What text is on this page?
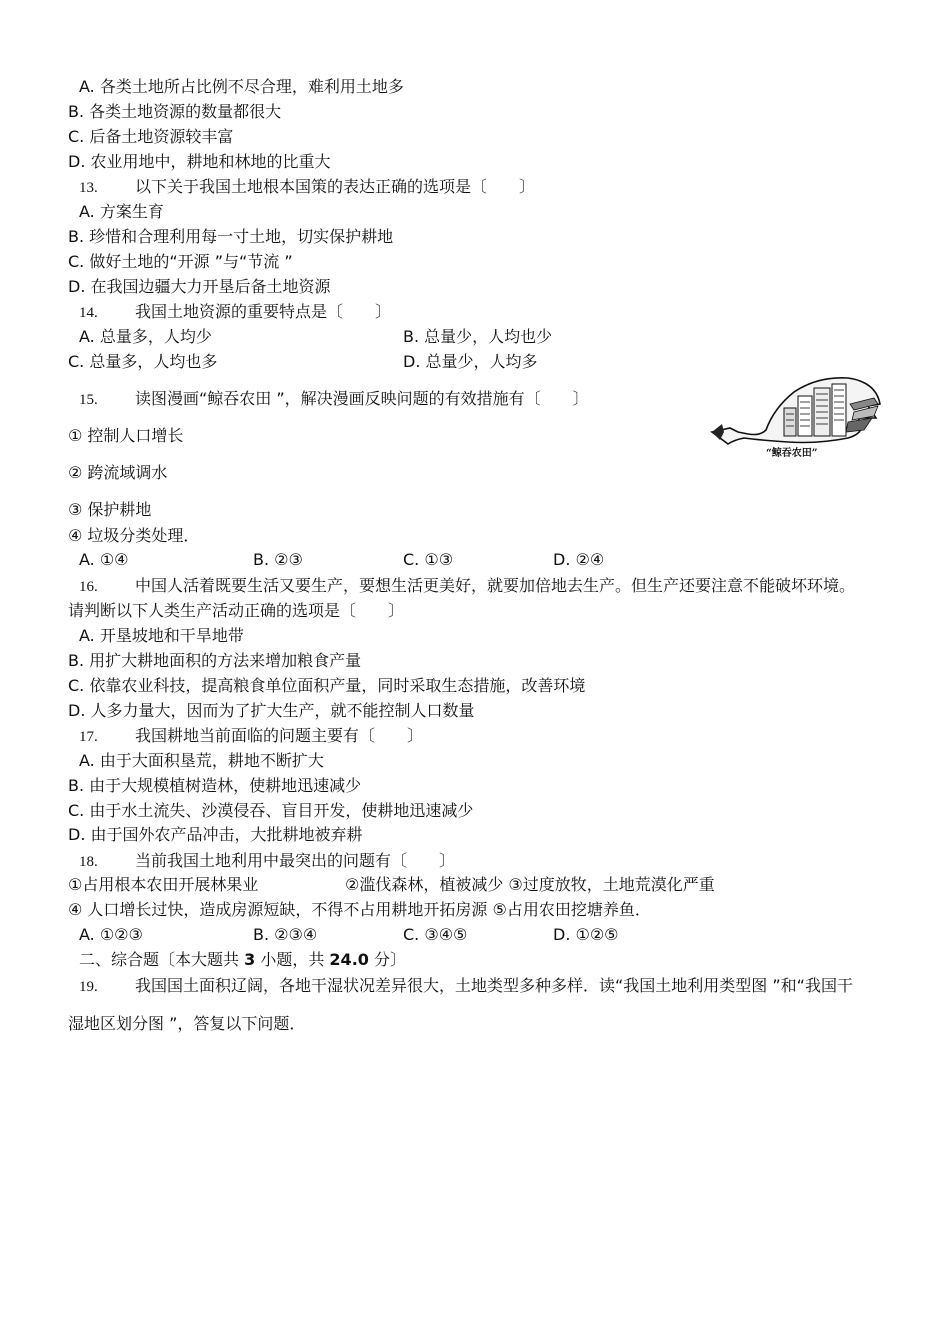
A. 各类土地所占比例不尽合理，难利用土地多
B. 各类土地资源的数量都很大
C. 后备土地资源较丰富
D. 农业用地中，耕地和林地的比重大
13. 以下关于我国土地根本国策的表达正确的选项是〔　　〕
A. 方案生育
B. 珍惜和合理利用每一寸土地，切实保护耕地
C. 做好土地的“开源 ”与“节流 ”
D. 在我国边疆大力开垦后备土地资源
14. 我国土地资源的重要特点是〔　　〕
A. 总量多，人均少	B. 总量少，人均也少
C. 总量多，人均也多	D. 总量少，人均多
15. 读图漫画“鲸吞农田 ”，解决漫画反映问题的有效措施有〔　　〕
① 控制人口增长
② 跨流域调水
③ 保护耕地
④ 垃圾分类处理．
A. ①④	B. ②③	C. ①③	D. ②④
“鲸吞农田”
16. 中国人活着既要生活又要生产，要想生活更美好，就要加倍地去生产。但生产还要注意不能破坏环境。
请判断以下人类生产活动正确的选项是〔　　〕
A. 开垦坡地和干旱地带
B. 用扩大耕地面积的方法来增加粮食产量
C. 依靠农业科技，提高粮食单位面积产量，同时采取生态措施，改善环境
D. 人多力量大，因而为了扩大生产，就不能控制人口数量
17. 我国耕地当前面临的问题主要有〔　　〕
A. 由于大面积垦荒，耕地不断扩大
B. 由于大规模植树造林，使耕地迅速减少
C. 由于水土流失、沙漠侵吞、盲目开发，使耕地迅速减少
D. 由于国外农产品冲击，大批耕地被弃耕
18. 当前我国土地利用中最突出的问题有〔　　〕
①占用根本农田开展林果业	②滥伐森林，植被减少 ③过度放牧，土地荒漠化严重
④ 人口增长过快，造成房源短缺，不得不占用耕地开拓房源 ⑤占用农田挖塘养鱼．
A. ①②③	B. ②③④	C. ③④⑤	D. ①②⑤
二、综合题〔本大题共 3 小题，共 24.0 分〕
19. 我国国土面积辽阔，各地干湿状况差异很大，土地类型多种多样．读“我国土地利用类型图 ”和“我国干
湿地区划分图 ”，答复以下问题．
